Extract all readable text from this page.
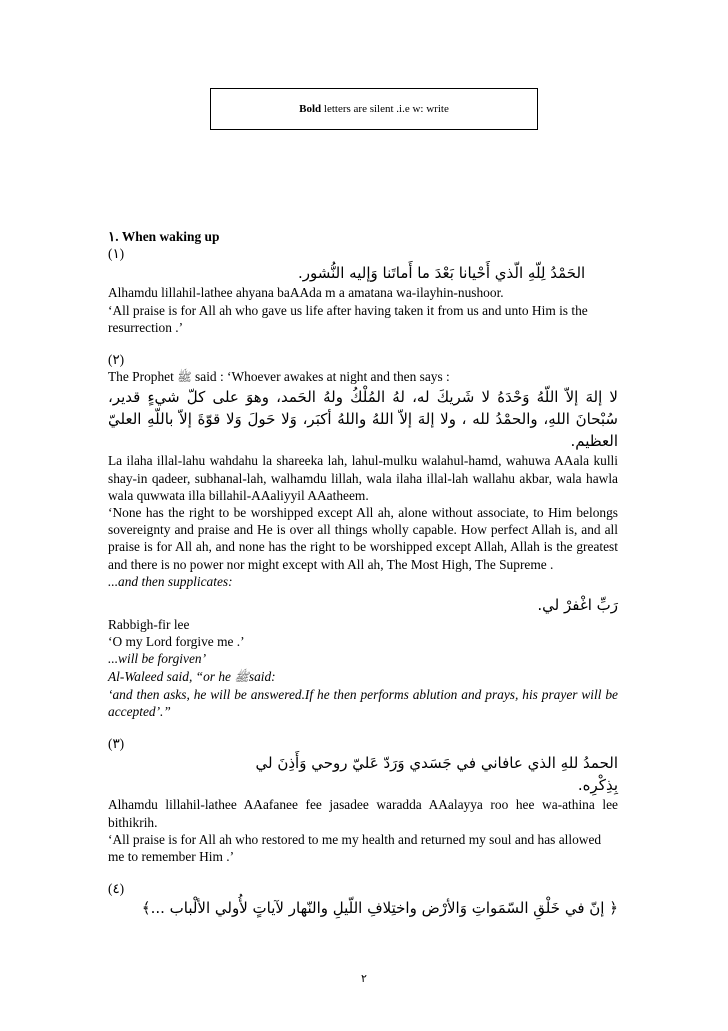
Bold letters are silent .i.e w: write

١. When waking up

(١)

الحَمْدُ لِلّهِ الّذي أَحْيانا بَعْدَ ما أَماتَنا وَإليه النُّشور.

Alhamdu lillahil-lathee ahyana baAAda m a amatana wa-ilayhin-nushoor.

‘All praise is for All ah who gave us life after having taken it from us and unto Him is the resurrection .’

(٢)

The Prophet ﷺ said : ‘Whoever awakes at night and then says :

لا إلهَ إلاّ اللّهُ وَحْدَهُ لا شَريكَ له، لهُ المُلْكُ ولهُ الحَمد، وهوَ على كلّ شيءٍ قدير، سُبْحانَ اللهِ، والحمْدُ لله ، ولا إلهَ إلاّ اللهُ واللهُ أكبَر، وَلا حَولَ وَلا قوّةَ إلاّ باللّهِ العليّ العظيم.

La ilaha illal-lahu wahdahu la shareeka lah, lahul-mulku walahul-hamd, wahuwa AAala kulli shay-in qadeer, subhanal-lah, walhamdu lillah, wala ilaha illal-lah wallahu akbar, wala hawla wala quwwata illa billahil-AAaliyyil AAatheem.

‘None has the right to be worshipped except All ah, alone without associate, to Him belongs sovereignty and praise and He is over all things wholly capable. How perfect Allah is, and all praise is for All ah, and none has the right to be worshipped except Allah, Allah is the greatest and there is no power nor might except with All ah, The Most High, The Supreme .

...and then supplicates:

رَبِّ اغْفرْ لي.

Rabbigh-fir lee

‘O my Lord forgive me .’

...will be forgiven’

Al-Waleed said, “or he ﷺsaid:

‘and then asks, he will be answered.If he then performs ablution and prays, his prayer will be accepted’.”

(٣)

الحمدُ للهِ الذي عافاني في جَسَدي وَرَدّ عَليّ روحي وَأَذِنَ لي بِذِكْرِه.

Alhamdu lillahil-lathee AAafanee fee jasadee waradda AAalayya roo hee wa-athina lee bithikrih.

‘All praise is for All ah who restored to me my health and returned my soul and has allowed me to remember Him .’

(٤)

﴿ إنّ في خَلْقِ السّمَواتِ وَالأرْض واختِلافِ اللّيلِ والنّهار لآياتٍ لأُولي الألْباب ...﴾

٢
